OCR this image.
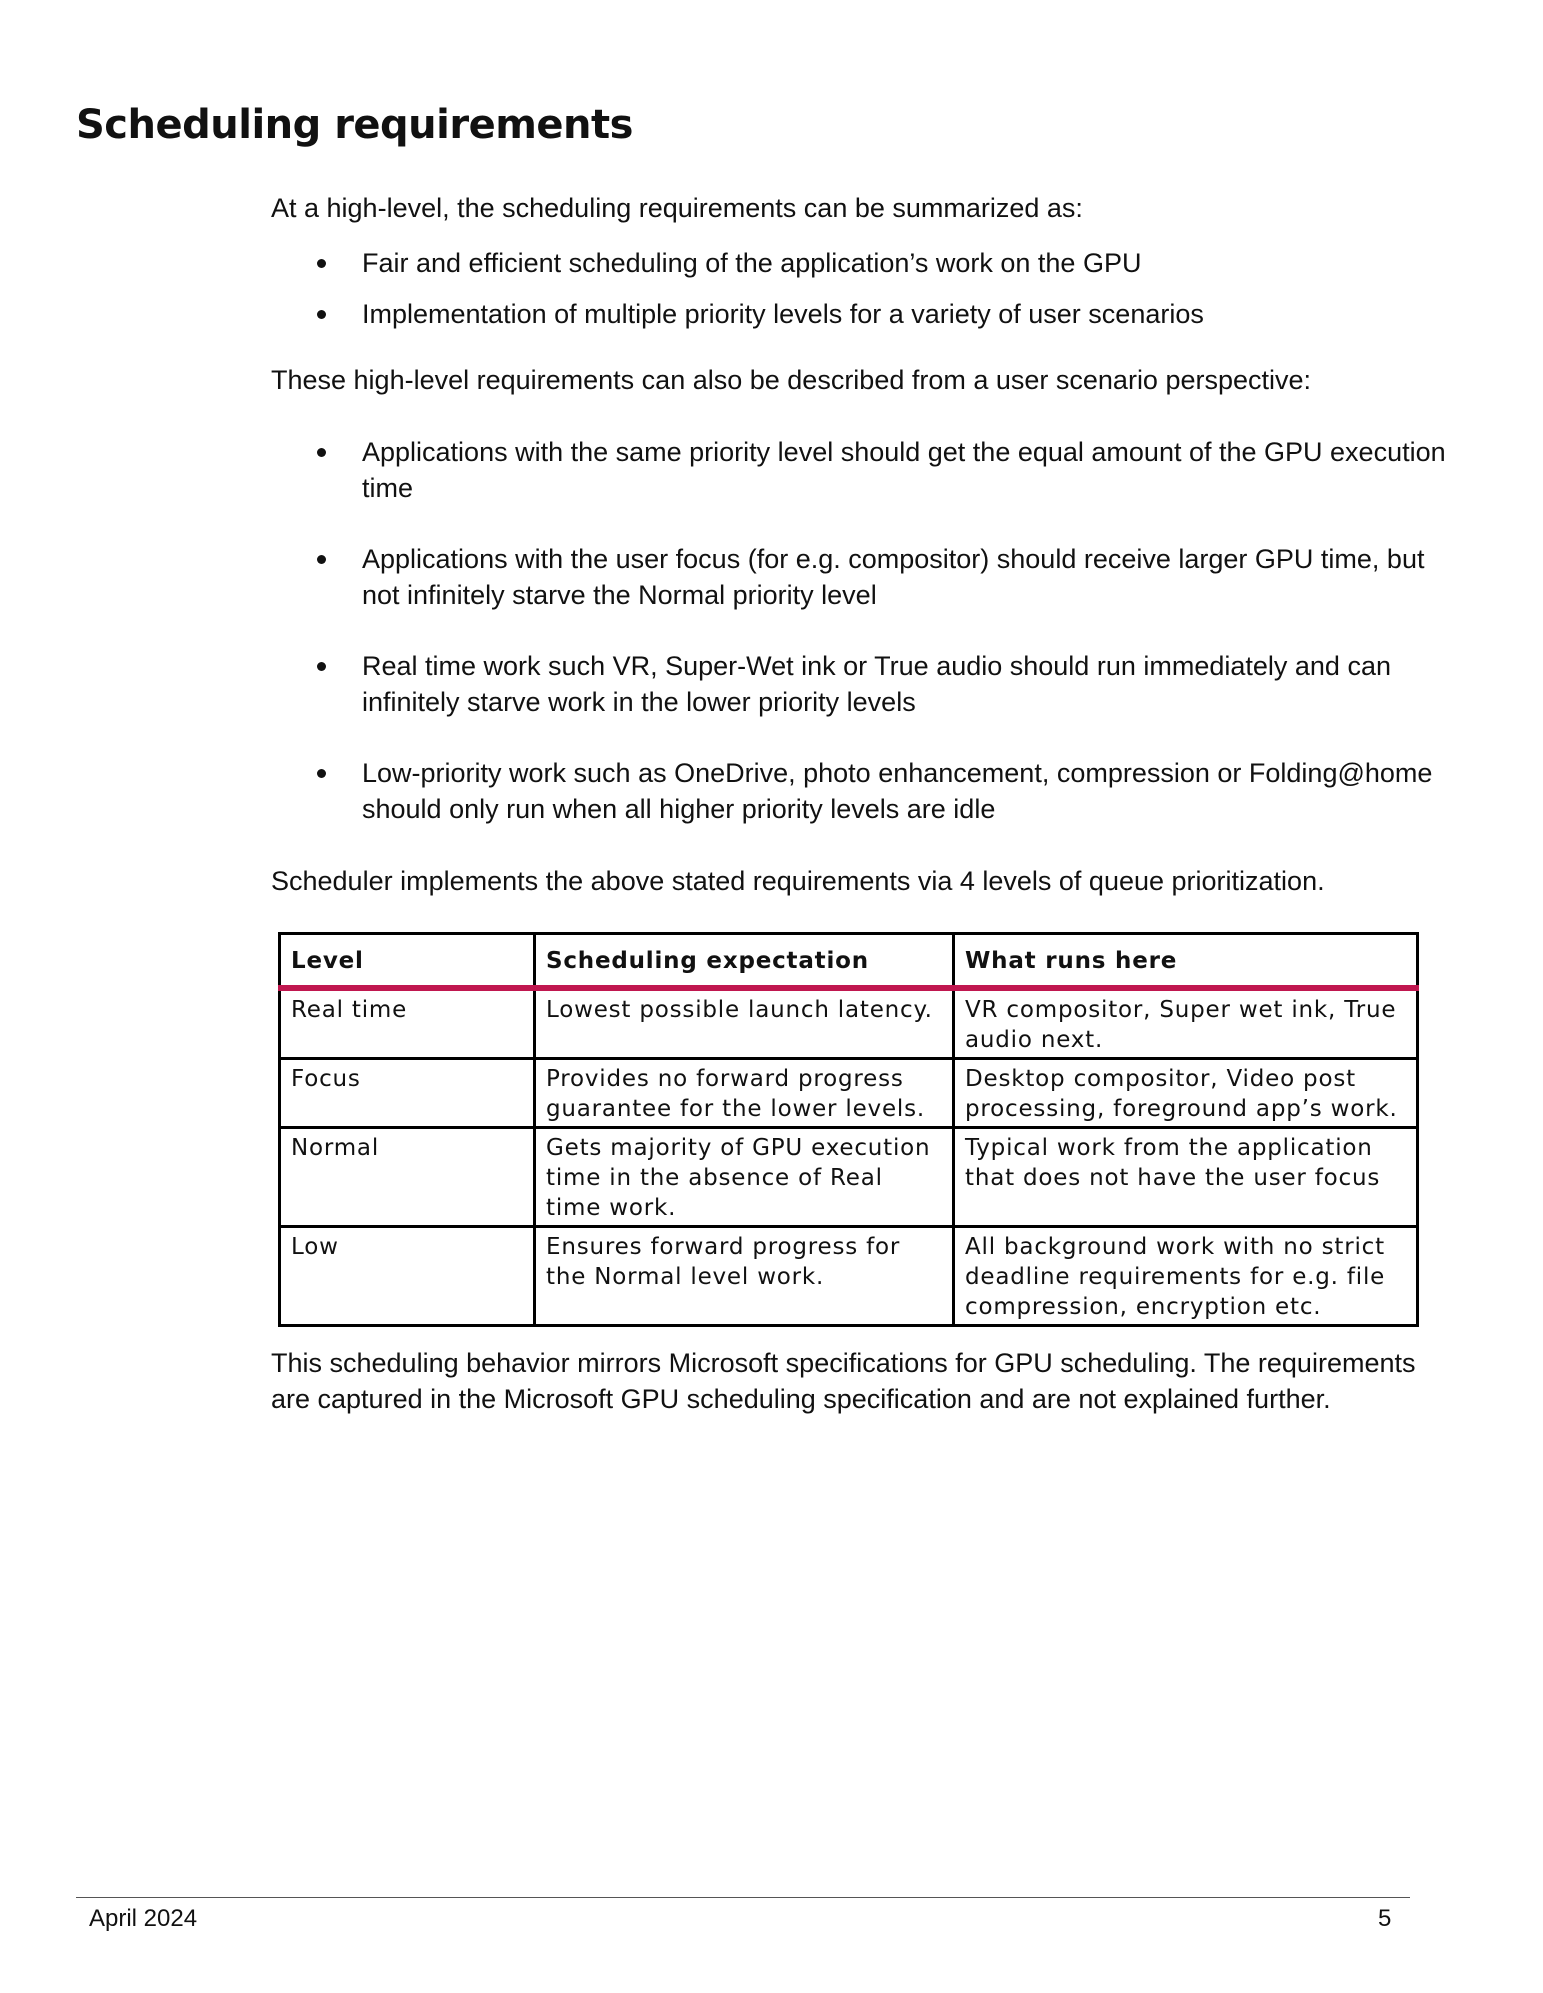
Scheduling requirements

At a high-level, the scheduling requirements can be summarized as:

Fair and efficient scheduling of the application’s work on the GPU
Implementation of multiple priority levels for a variety of user scenarios

These high-level requirements can also be described from a user scenario perspective:

Applications with the same priority level should get the equal amount of the GPU execution time
Applications with the user focus (for e.g. compositor) should receive larger GPU time, but not infinitely starve the Normal priority level
Real time work such VR, Super-Wet ink or True audio should run immediately and can infinitely starve work in the lower priority levels
Low-priority work such as OneDrive, photo enhancement, compression or Folding@home should only run when all higher priority levels are idle

Scheduler implements the above stated requirements via 4 levels of queue prioritization.

Level	Scheduling expectation	What runs here
Real time	Lowest possible launch latency.	VR compositor, Super wet ink, True audio next.
Focus	Provides no forward progress guarantee for the lower levels.	Desktop compositor, Video post processing, foreground app’s work.
Normal	Gets majority of GPU execution time in the absence of Real time work.	Typical work from the application that does not have the user focus
Low	Ensures forward progress for the Normal level work.	All background work with no strict deadline requirements for e.g. file compression, encryption etc.

This scheduling behavior mirrors Microsoft specifications for GPU scheduling. The requirements are captured in the Microsoft GPU scheduling specification and are not explained further.

April 2024	5
